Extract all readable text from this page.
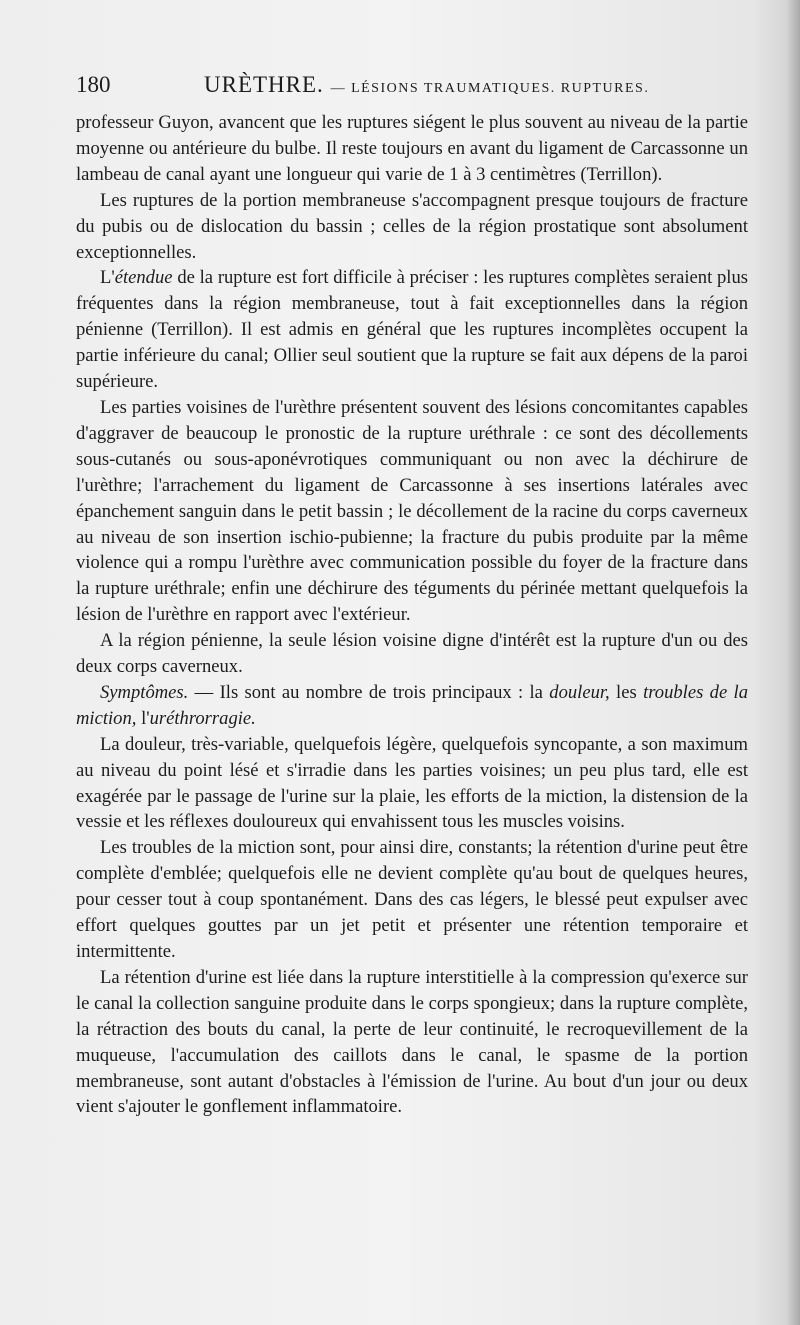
180	URÈTHRE. — LÉSIONS TRAUMATIQUES. RUPTURES.

professeur Guyon, avancent que les ruptures siégent le plus souvent au niveau de la partie moyenne ou antérieure du bulbe. Il reste toujours en avant du ligament de Carcassonne un lambeau de canal ayant une longueur qui varie de 1 à 3 centimètres (Terrillon).

Les ruptures de la portion membraneuse s'accompagnent presque toujours de fracture du pubis ou de dislocation du bassin ; celles de la région prostatique sont absolument exceptionnelles.

L'étendue de la rupture est fort difficile à préciser : les ruptures complètes seraient plus fréquentes dans la région membraneuse, tout à fait exceptionnelles dans la région pénienne (Terrillon). Il est admis en général que les ruptures incomplètes occupent la partie inférieure du canal; Ollier seul soutient que la rupture se fait aux dépens de la paroi supérieure.

Les parties voisines de l'urèthre présentent souvent des lésions concomitantes capables d'aggraver de beaucoup le pronostic de la rupture uréthrale : ce sont des décollements sous-cutanés ou sous-aponévrotiques communiquant ou non avec la déchirure de l'urèthre; l'arrachement du ligament de Carcassonne à ses insertions latérales avec épanchement sanguin dans le petit bassin ; le décollement de la racine du corps caverneux au niveau de son insertion ischio-pubienne; la fracture du pubis produite par la même violence qui a rompu l'urèthre avec communication possible du foyer de la fracture dans la rupture uréthrale; enfin une déchirure des téguments du périnée mettant quelquefois la lésion de l'urèthre en rapport avec l'extérieur.

A la région pénienne, la seule lésion voisine digne d'intérêt est la rupture d'un ou des deux corps caverneux.

Symptômes. — Ils sont au nombre de trois principaux : la douleur, les troubles de la miction, l'uréthrorragie.

La douleur, très-variable, quelquefois légère, quelquefois syncopante, a son maximum au niveau du point lésé et s'irradie dans les parties voisines; un peu plus tard, elle est exagérée par le passage de l'urine sur la plaie, les efforts de la miction, la distension de la vessie et les réflexes douloureux qui envahissent tous les muscles voisins.

Les troubles de la miction sont, pour ainsi dire, constants; la rétention d'urine peut être complète d'emblée; quelquefois elle ne devient complète qu'au bout de quelques heures, pour cesser tout à coup spontanément. Dans des cas légers, le blessé peut expulser avec effort quelques gouttes par un jet petit et présenter une rétention temporaire et intermittente.

La rétention d'urine est liée dans la rupture interstitielle à la compression qu'exerce sur le canal la collection sanguine produite dans le corps spongieux; dans la rupture complète, la rétraction des bouts du canal, la perte de leur continuité, le recroquevillement de la muqueuse, l'accumulation des caillots dans le canal, le spasme de la portion membraneuse, sont autant d'obstacles à l'émission de l'urine. Au bout d'un jour ou deux vient s'ajouter le gonflement inflammatoire.
